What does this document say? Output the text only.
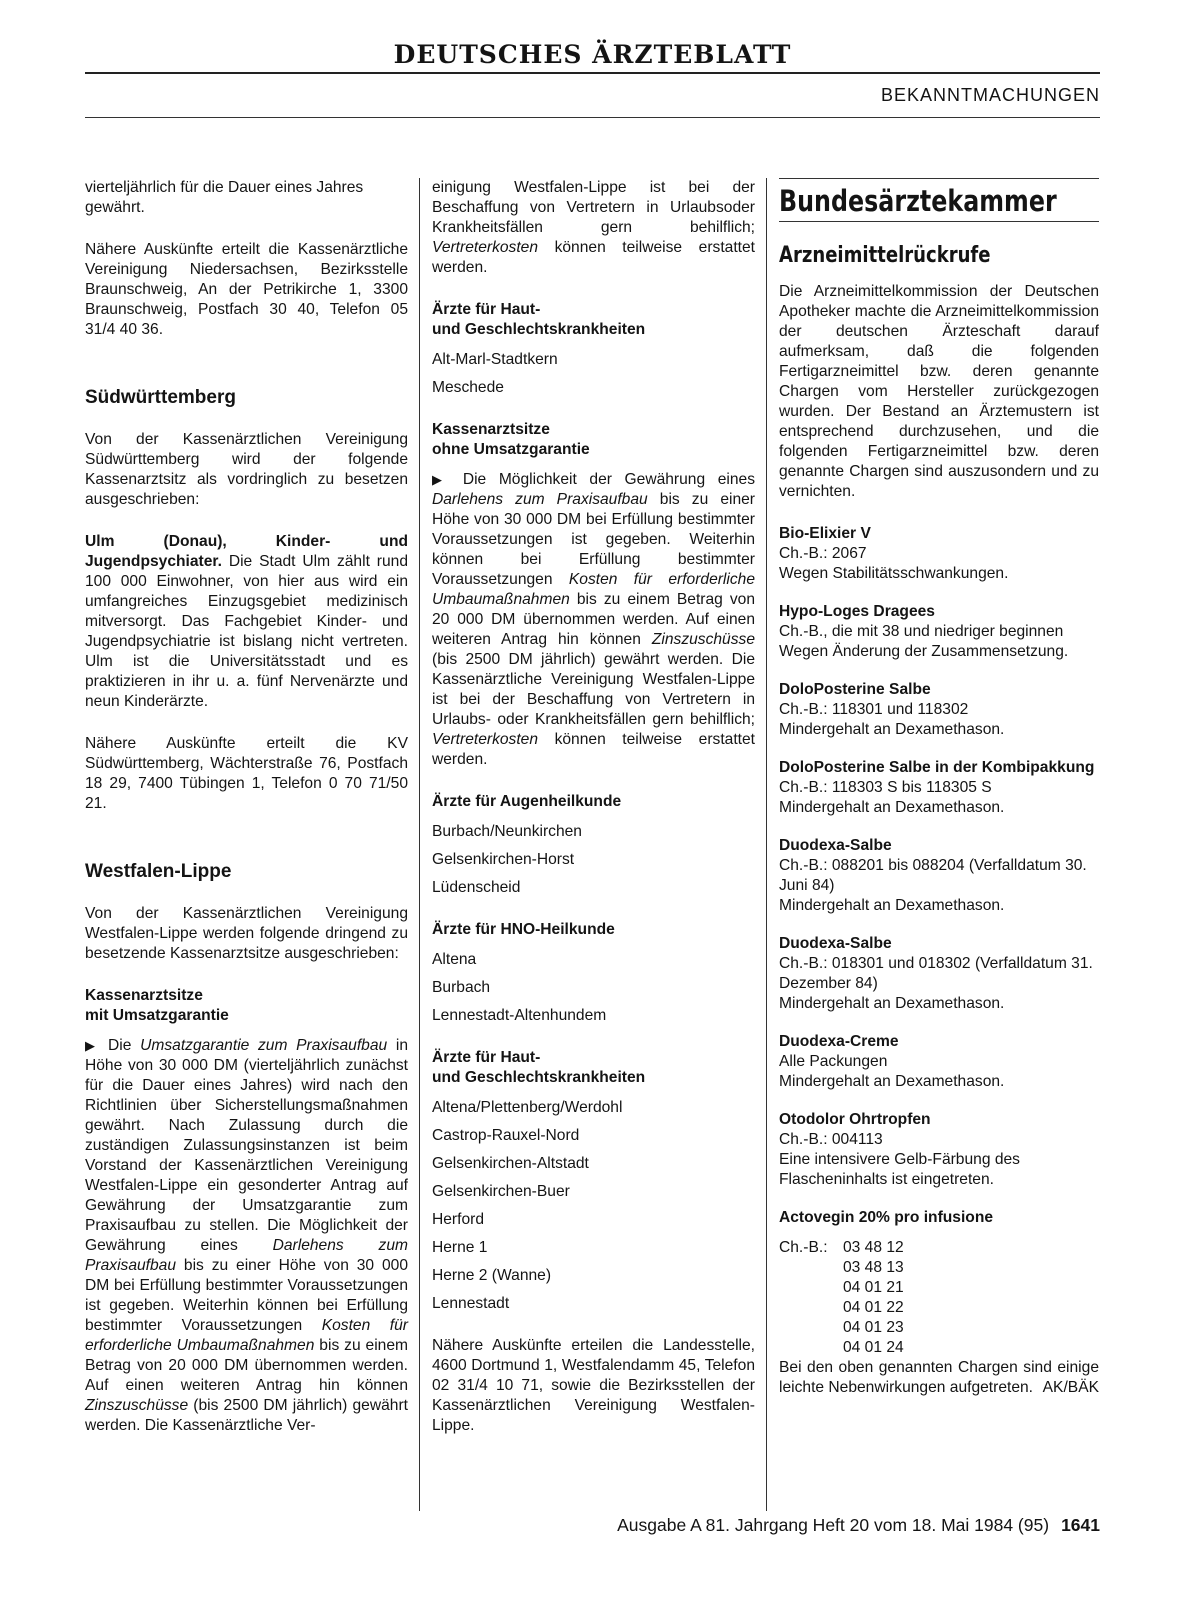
DEUTSCHES ÄRZTEBLATT
BEKANNTMACHUNGEN

vierteljährlich für die Dauer eines Jahres gewährt.

Nähere Auskünfte erteilt die Kassenärztliche Vereinigung Niedersachsen, Bezirksstelle Braunschweig, An der Petrikirche 1, 3300 Braunschweig, Postfach 30 40, Telefon 05 31/4 40 36.

Südwürttemberg

Von der Kassenärztlichen Vereinigung Südwürttemberg wird der folgende Kassenarztsitz als vordringlich zu besetzen ausgeschrieben:

Ulm (Donau), Kinder- und Jugendpsychiater. Die Stadt Ulm zählt rund 100 000 Einwohner, von hier aus wird ein umfangreiches Einzugsgebiet medizinisch mitversorgt. Das Fachgebiet Kinder- und Jugendpsychiatrie ist bislang nicht vertreten. Ulm ist die Universitätsstadt und es praktizieren in ihr u. a. fünf Nervenärzte und neun Kinderärzte.

Nähere Auskünfte erteilt die KV Südwürttemberg, Wächterstraße 76, Postfach 18 29, 7400 Tübingen 1, Telefon 0 70 71/50 21.

Westfalen-Lippe

Von der Kassenärztlichen Vereinigung Westfalen-Lippe werden folgende dringend zu besetzende Kassenarztsitze ausgeschrieben:

Kassenarztsitze
mit Umsatzgarantie

▶ Die Umsatzgarantie zum Praxisaufbau in Höhe von 30 000 DM (vierteljährlich zunächst für die Dauer eines Jahres) wird nach den Richtlinien über Sicherstellungsmaßnahmen gewährt. Nach Zulassung durch die zuständigen Zulassungsinstanzen ist beim Vorstand der Kassenärztlichen Vereinigung Westfalen-Lippe ein gesonderter Antrag auf Gewährung der Umsatzgarantie zum Praxisaufbau zu stellen. Die Möglichkeit der Gewährung eines Darlehens zum Praxisaufbau bis zu einer Höhe von 30 000 DM bei Erfüllung bestimmter Voraussetzungen ist gegeben. Weiterhin können bei Erfüllung bestimmter Voraussetzungen Kosten für erforderliche Umbaumaßnahmen bis zu einem Betrag von 20 000 DM übernommen werden. Auf einen weiteren Antrag hin können Zinszuschüsse (bis 2500 DM jährlich) gewährt werden. Die Kassenärztliche Ver-

einigung Westfalen-Lippe ist bei der Beschaffung von Vertretern in Urlaubsoder Krankheitsfällen gern behilflich; Vertreterkosten können teilweise erstattet werden.

Ärzte für Haut-
und Geschlechtskrankheiten
Alt-Marl-Stadtkern
Meschede
Kassenarztsitze
ohne Umsatzgarantie

▶ Die Möglichkeit der Gewährung eines Darlehens zum Praxisaufbau bis zu einer Höhe von 30 000 DM bei Erfüllung bestimmter Voraussetzungen ist gegeben. Weiterhin können bei Erfüllung bestimmter Voraussetzungen Kosten für erforderliche Umbaumaßnahmen bis zu einem Betrag von 20 000 DM übernommen werden. Auf einen weiteren Antrag hin können Zinszuschüsse (bis 2500 DM jährlich) gewährt werden. Die Kassenärztliche Vereinigung Westfalen-Lippe ist bei der Beschaffung von Vertretern in Urlaubs- oder Krankheitsfällen gern behilflich; Vertreterkosten können teilweise erstattet werden.

Ärzte für Augenheilkunde
Burbach/Neunkirchen
Gelsenkirchen-Horst
Lüdenscheid
Ärzte für HNO-Heilkunde
Altena
Burbach
Lennestadt-Altenhundem
Ärzte für Haut-
und Geschlechtskrankheiten
Altena/Plettenberg/Werdohl
Castrop-Rauxel-Nord
Gelsenkirchen-Altstadt
Gelsenkirchen-Buer
Herford
Herne 1
Herne 2 (Wanne)
Lennestadt

Nähere Auskünfte erteilen die Landesstelle, 4600 Dortmund 1, Westfalendamm 45, Telefon 02 31/4 10 71, sowie die Bezirksstellen der Kassenärztlichen Vereinigung Westfalen-Lippe.

Bundesärztekammer
Arzneimittelrückrufe

Die Arzneimittelkommission der Deutschen Apotheker machte die Arzneimittelkommission der deutschen Ärzteschaft darauf aufmerksam, daß die folgenden Fertigarzneimittel bzw. deren genannte Chargen vom Hersteller zurückgezogen wurden. Der Bestand an Ärztemustern ist entsprechend durchzusehen, und die folgenden Fertigarzneimittel bzw. deren genannte Chargen sind auszusondern und zu vernichten.

Bio-Elixier V
Ch.-B.: 2067
Wegen Stabilitätsschwankungen.
Hypo-Loges Dragees
Ch.-B., die mit 38 und niedriger beginnen
Wegen Änderung der Zusammensetzung.
DoloPosterine Salbe
Ch.-B.: 118301 und 118302
Mindergehalt an Dexamethason.
DoloPosterine Salbe in der Kombipakkung
Ch.-B.: 118303 S bis 118305 S
Mindergehalt an Dexamethason.
Duodexa-Salbe
Ch.-B.: 088201 bis 088204 (Verfalldatum 30. Juni 84)
Mindergehalt an Dexamethason.
Duodexa-Salbe
Ch.-B.: 018301 und 018302 (Verfalldatum 31. Dezember 84)
Mindergehalt an Dexamethason.
Duodexa-Creme
Alle Packungen
Mindergehalt an Dexamethason.
Otodolor Ohrtropfen
Ch.-B.: 004113
Eine intensivere Gelb-Färbung des Flascheninhalts ist eingetreten.
Actovegin 20% pro infusione
Ch.-B.: 03 48 12
03 48 13
04 01 21
04 01 22
04 01 23
04 01 24
Bei den oben genannten Chargen sind einige leichte Nebenwirkungen aufgetreten. AK/BÄK
Ausgabe A 81. Jahrgang Heft 20 vom 18. Mai 1984 (95) 1641
